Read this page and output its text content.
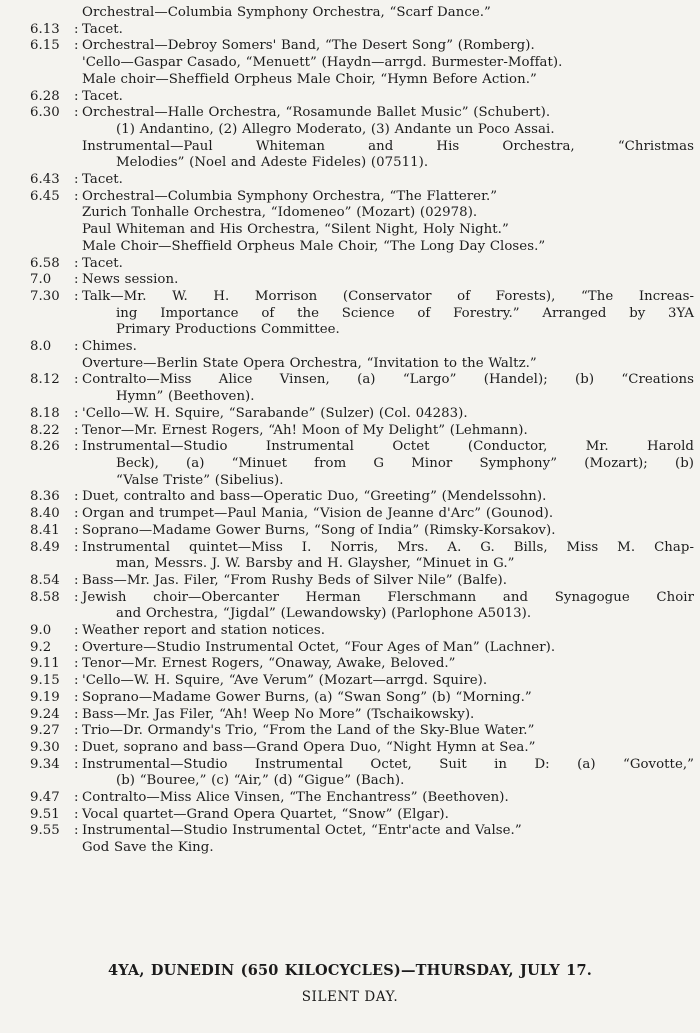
Orchestral—Columbia Symphony Orchestra, “Scarf Dance.”
6.13 :	Tacet.
6.15 :	Orchestral—Debroy Somers' Band, “The Desert Song” (Romberg).
'Cello—Gaspar Casado, “Menuett” (Haydn—arrgd. Burmester-Moffat).
Male choir—Sheffield Orpheus Male Choir, “Hymn Before Action.”
6.28 :	Tacet.
6.30 :	Orchestral—Halle Orchestra, “Rosamunde Ballet Music” (Schubert).
(1) Andantino, (2) Allegro Moderato, (3) Andante un Poco Assai.
Instrumental—Paul Whiteman and His Orchestra, “Christmas
Melodies” (Noel and Adeste Fideles) (07511).
6.43 :	Tacet.
6.45 :	Orchestral—Columbia Symphony Orchestra, “The Flatterer.”
Zurich Tonhalle Orchestra, “Idomeneo” (Mozart) (02978).
Paul Whiteman and His Orchestra, “Silent Night, Holy Night.”
Male Choir—Sheffield Orpheus Male Choir, “The Long Day Closes.”
6.58 :	Tacet.
7.0 :	News session.
7.30 :	Talk—Mr. W. H. Morrison (Conservator of Forests), “The Increas-
ing Importance of the Science of Forestry.” Arranged by 3YA
Primary Productions Committee.
8.0 :	Chimes.
Overture—Berlin State Opera Orchestra, “Invitation to the Waltz.”
8.12 :	Contralto—Miss Alice Vinsen, (a) “Largo” (Handel); (b) “Creations
Hymn” (Beethoven).
8.18 :	'Cello—W. H. Squire, “Sarabande” (Sulzer) (Col. 04283).
8.22 :	Tenor—Mr. Ernest Rogers, “Ah! Moon of My Delight” (Lehmann).
8.26 :	Instrumental—Studio Instrumental Octet (Conductor, Mr. Harold
Beck), (a) “Minuet from G Minor Symphony” (Mozart); (b)
“Valse Triste” (Sibelius).
8.36 :	Duet, contralto and bass—Operatic Duo, “Greeting” (Mendelssohn).
8.40 :	Organ and trumpet—Paul Mania, “Vision de Jeanne d'Arc” (Gounod).
8.41 :	Soprano—Madame Gower Burns, “Song of India” (Rimsky-Korsakov).
8.49 :	Instrumental quintet—Miss I. Norris, Mrs. A. G. Bills, Miss M. Chap-
man, Messrs. J. W. Barsby and H. Glaysher, “Minuet in G.”
8.54 :	Bass—Mr. Jas. Filer, “From Rushy Beds of Silver Nile” (Balfe).
8.58 :	Jewish choir—Obercanter Herman Flerschmann and Synagogue Choir
and Orchestra, “Jigdal” (Lewandowsky) (Parlophone A5013).
9.0 :	Weather report and station notices.
9.2 :	Overture—Studio Instrumental Octet, “Four Ages of Man” (Lachner).
9.11 :	Tenor—Mr. Ernest Rogers, “Onaway, Awake, Beloved.”
9.15 :	'Cello—W. H. Squire, “Ave Verum” (Mozart—arrgd. Squire).
9.19 :	Soprano—Madame Gower Burns, (a) “Swan Song” (b) “Morning.”
9.24 :	Bass—Mr. Jas Filer, “Ah! Weep No More” (Tschaikowsky).
9.27 :	Trio—Dr. Ormandy's Trio, “From the Land of the Sky-Blue Water.”
9.30 :	Duet, soprano and bass—Grand Opera Duo, “Night Hymn at Sea.”
9.34 :	Instrumental—Studio Instrumental Octet, Suit in D: (a) “Govotte,”
(b) “Bouree,” (c) “Air,” (d) “Gigue” (Bach).
9.47 :	Contralto—Miss Alice Vinsen, “The Enchantress” (Beethoven).
9.51 :	Vocal quartet—Grand Opera Quartet, “Snow” (Elgar).
9.55 :	Instrumental—Studio Instrumental Octet, “Entr'acte and Valse.”
God Save the King.
4YA, DUNEDIN (650 KILOCYCLES)—THURSDAY, JULY 17.
SILENT DAY.
